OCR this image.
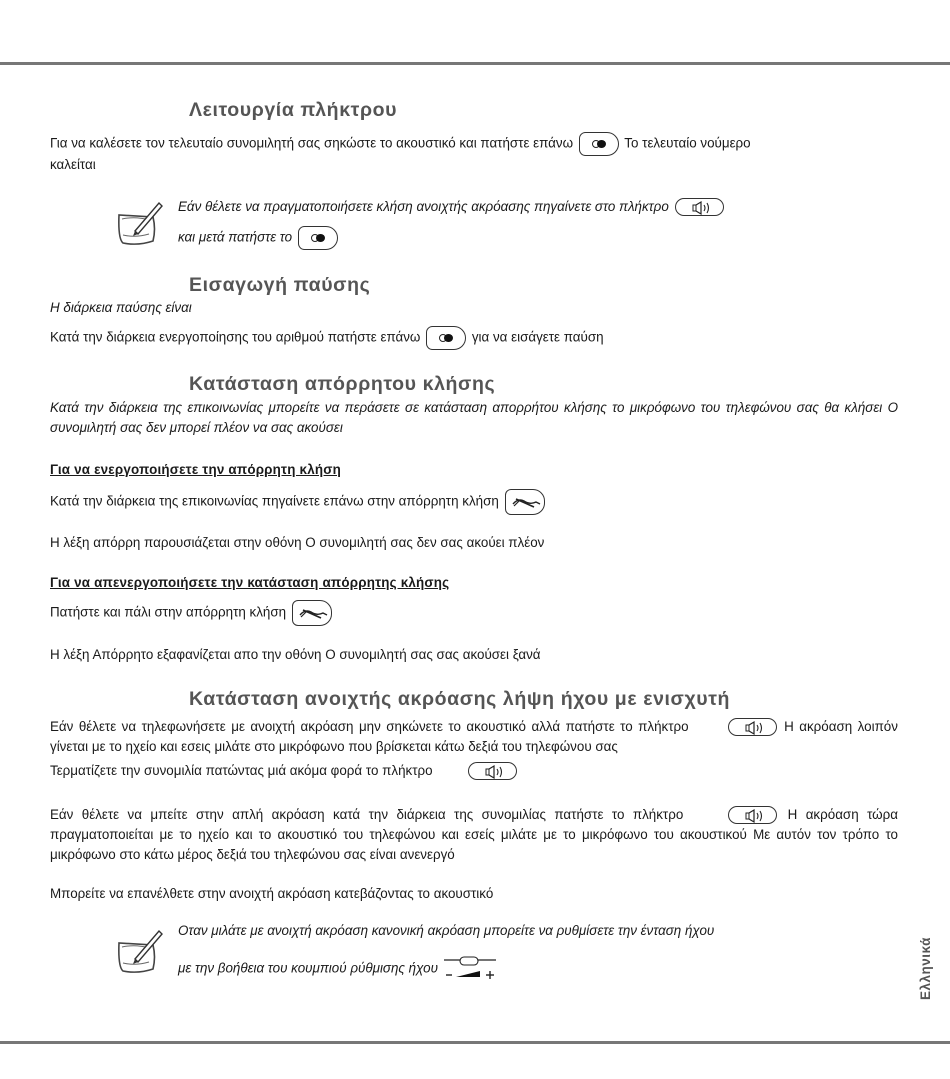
Λειτουργία πλήκτρου
Για να καλέσετε τον τελευταίο συνομιλητή σας σηκώστε το ακουστικό και πατήστε επάνω	Το τελευταίο νούμερο
καλείται
Εάν θέλετε να πραγματοποιήσετε κλήση ανοιχτής ακρόασης πηγαίνετε στο πλήκτρο
και μετά πατήστε το
Εισαγωγή παύσης
Η διάρκεια παύσης είναι
Κατά την διάρκεια ενεργοποίησης του αριθμού πατήστε επάνω	για να εισάγετε παύση
Κατάσταση απόρρητου κλήσης
Κατά την διάρκεια της επικοινωνίας μπορείτε να περάσετε σε κατάσταση απορρήτου κλήσης το μικρόφωνο του τηλεφώνου σας θα κλήσει Ο συνομιλητή σας δεν μπορεί πλέον να σας ακούσει
Για να ενεργοποιήσετε την απόρρητη κλήση
Κατά την διάρκεια της επικοινωνίας πηγαίνετε επάνω στην απόρρητη κλήση
Η λέξη απόρρη παρουσιάζεται στην οθόνη Ο συνομιλητή σας δεν σας ακούει πλέον
Για να απενεργοποιήσετε την κατάσταση απόρρητης κλήσης
Πατήστε και πάλι στην απόρρητη κλήση
Η λέξη Απόρρητο εξαφανίζεται απο την οθόνη Ο συνομιλητή σας σας ακούσει ξανά
Κατάσταση ανοιχτής ακρόασης λήψη ήχου με ενισχυτή
Εάν θέλετε να τηλεφωνήσετε με ανοιχτή ακρόαση μην σηκώνετε το ακουστικό αλλά πατήστε το πλήκτρο	Η ακρόαση λοιπόν γίνεται με το ηχείο και εσεις μιλάτε στο μικρόφωνο που βρίσκεται κάτω δεξιά του τηλεφώνου σας
Τερματίζετε την συνομιλία πατώντας μιά ακόμα φορά το πλήκτρο
Εάν θέλετε να μπείτε στην απλή ακρόαση κατά την διάρκεια της συνομιλίας πατήστε το πλήκτρο	Η ακρόαση τώρα πραγματοποιείται με το ηχείο και το ακουστικό του τηλεφώνου και εσείς μιλάτε με το μικρόφωνο του ακουστικού Με αυτόν τον τρόπο το μικρόφωνο στο κάτω μέρος δεξιά του τηλεφώνου σας είναι ανενεργό
Μπορείτε να επανέλθετε στην ανοιχτή ακρόαση κατεβάζοντας το ακουστικό
Οταν μιλάτε με ανοιχτή ακρόαση κανονική ακρόαση μπορείτε να ρυθμίσετε την ένταση ήχου
με την βοήθεια του κουμπιού ρύθμισης ήχου	Ελληνικά
